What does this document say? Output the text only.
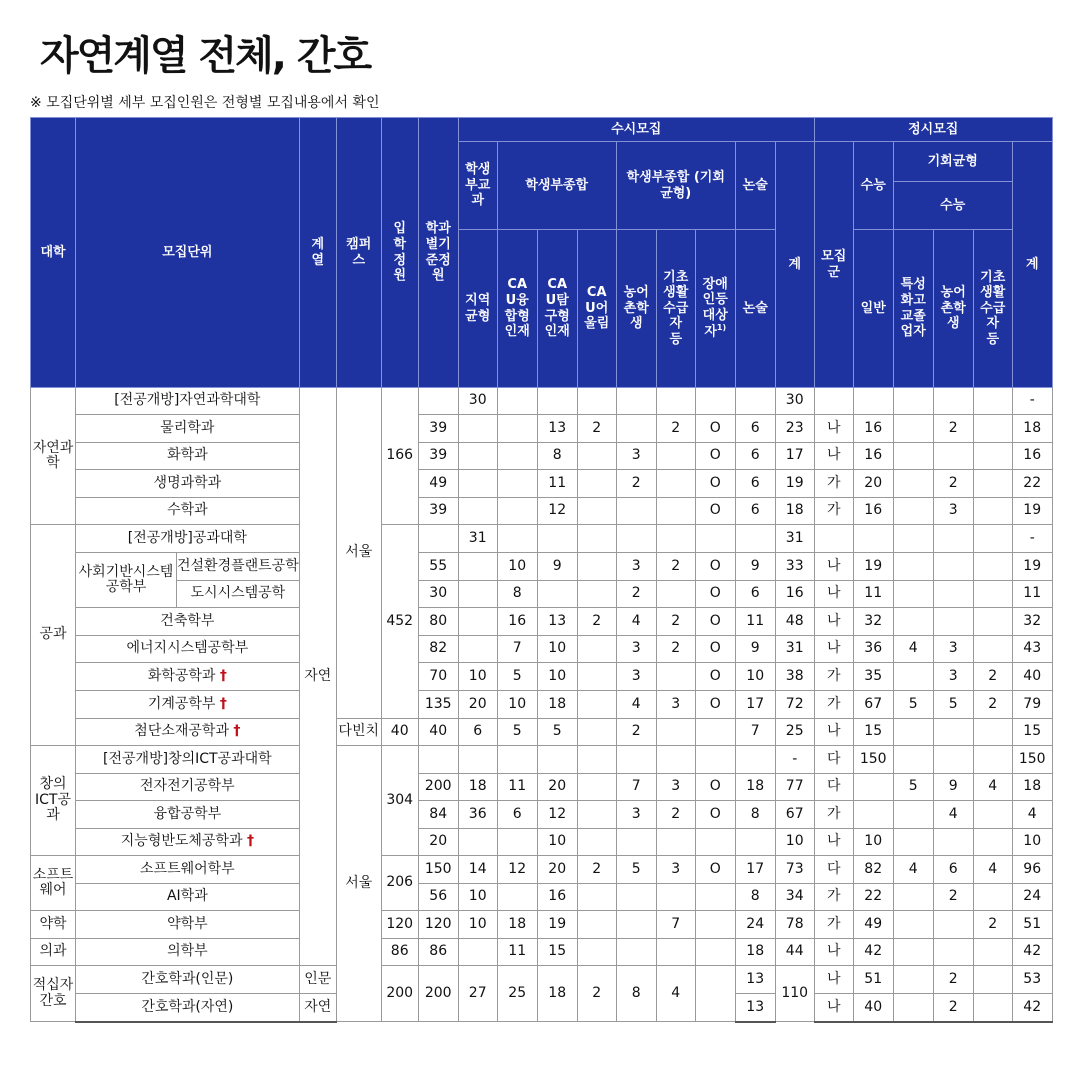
자연계열 전체, 간호
※ 모집단위별 세부 모집인원은 전형별 모집내용에서 확인
대학	모집단위		계열	캠퍼스	입학정원	학과별기준정원	수시모집									정시모집					
							학생부교과	학생부종합			학생부종합 (기회균형)			논술	계	모집군	수능	기회균형			계
																		수능			
							지역균형	CAU융합형인재	CAU탐구형인재	CAU어울림	농어촌학생	기초생활수급자 등	장애인등대상자$^{1)}$	논술			일반	특성화고교졸업자	농어촌학생	기초생활수급자 등	
자연과학	[전공개방]자연과학대학		자연	서울	166		30								30						-
	물리학과					39			13	2		2	O	6	23	나	16		2		18
	화학과					39			8		3		O	6	17	나	16				16
	생명과학과					49			11		2		O	6	19	가	20		2		22
	수학과					39			12				O	6	18	가	16		3		19
공과	[전공개방]공과대학				452		31								31						-
	사회기반시스템공학부	건설환경플랜트공학				55		10	9		3	2	O	9	33	나	19				19
		도시시스템공학				30		8			2		O	6	16	나	11				11
	건축학부					80		16	13	2	4	2	O	11	48	나	32				32
	에너지시스템공학부					82		7	10		3	2	O	9	31	나	36	4	3		43
	화학공학과 †					70	10	5	10		3		O	10	38	가	35		3	2	40
	기계공학부 †					135	20	10	18		4	3	O	17	72	가	67	5	5	2	79
	첨단소재공학과 †			다빈치	40	40	6	5	5		2			7	25	나	15				15
창의ICT공과	[전공개방]창의ICT공과대학			서울	304										-	다	150				150
	전자전기공학부					200	18	11	20		7	3	O	18	77	다		5	9	4	18
	융합공학부					84	36	6	12		3	2	O	8	67	가			4		4
	지능형반도체공학과 †					20			10						10	나	10				10
소프트웨어	소프트웨어학부				206	150	14	12	20	2	5	3	O	17	73	다	82	4	6	4	96
	AI학과					56	10		16					8	34	가	22		2		24
약학	약학부				120	120	10	18	19			7		24	78	가	49			2	51
의과	의학부				86	86		11	15					18	44	나	42				42
적십자간호	간호학과(인문)		인문		200	200	27	25	18	2	8	4		13	110	나	51		2		53
	간호학과(자연)		자연											13		나	40		2		42
